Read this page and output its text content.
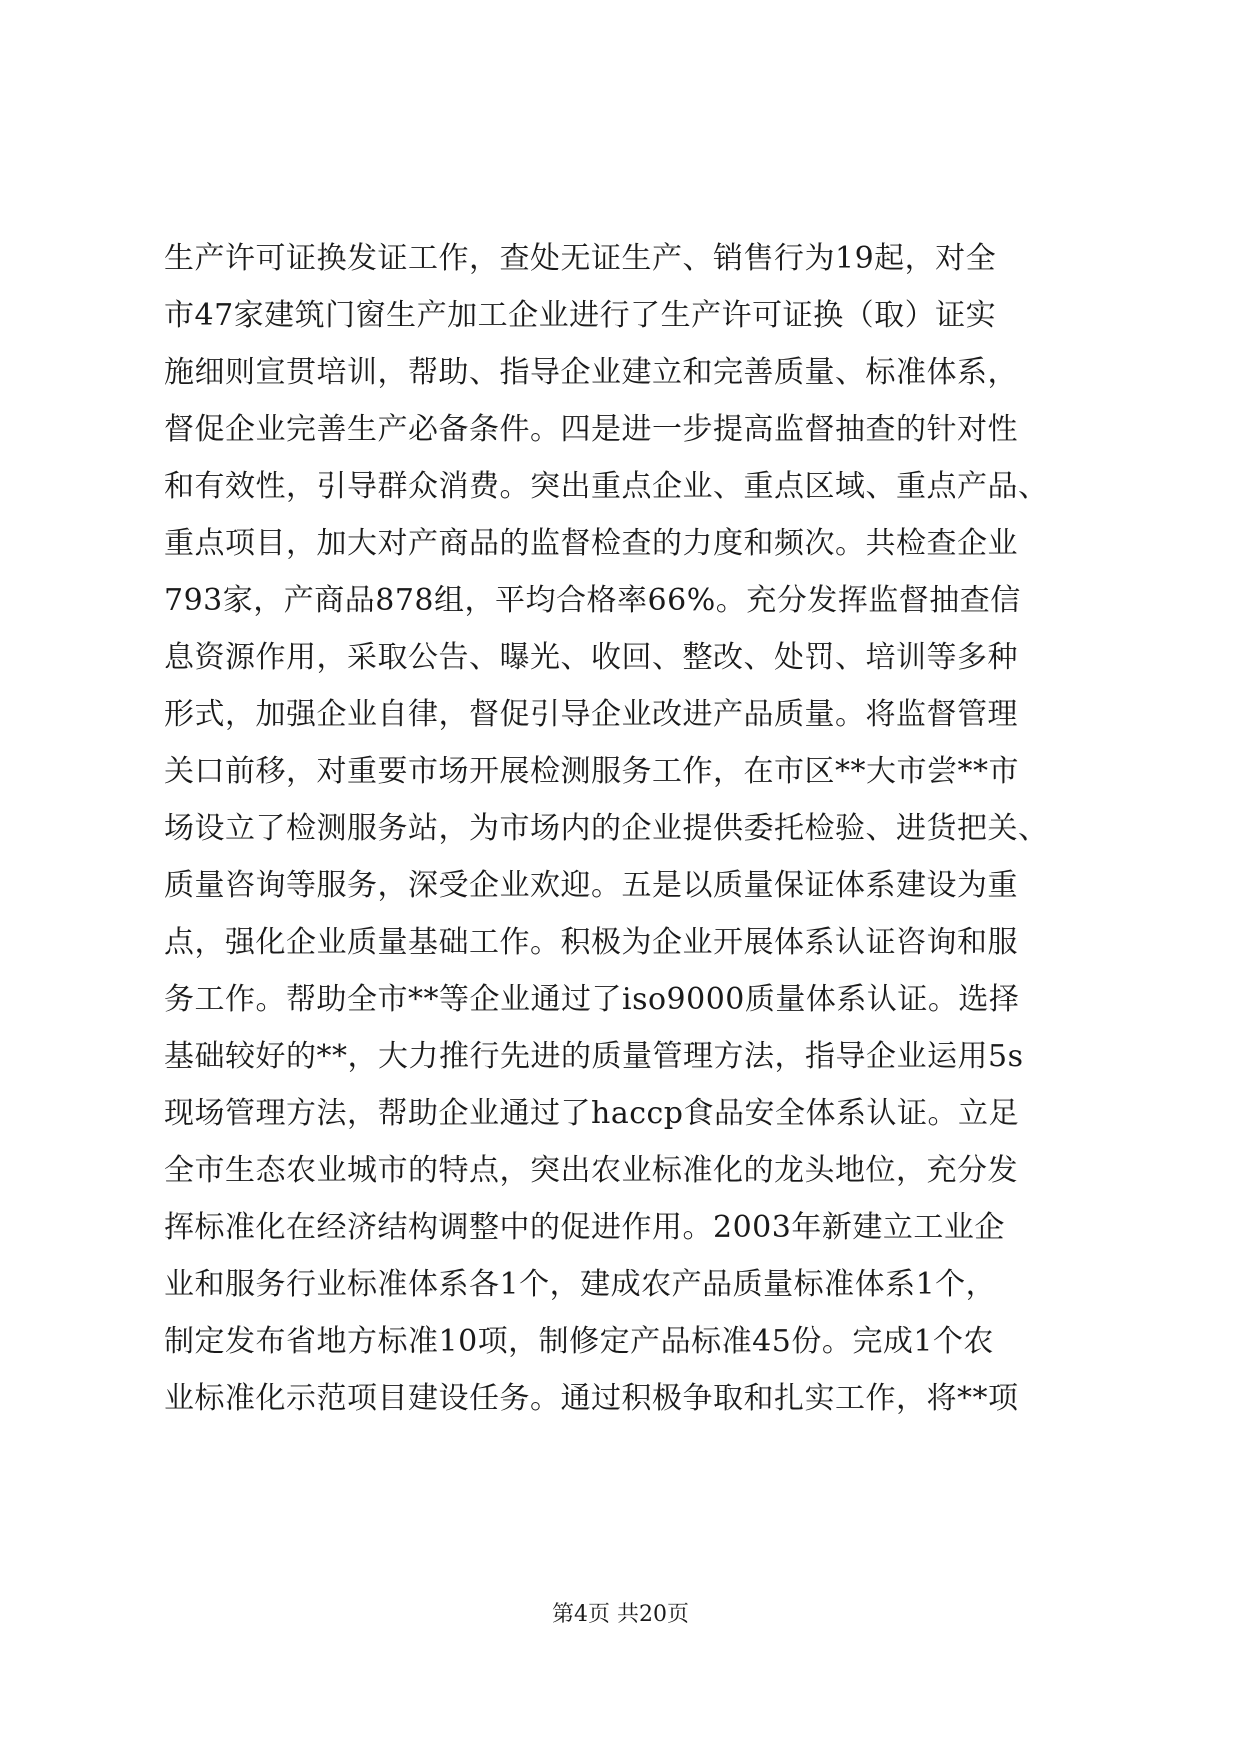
生产许可证换发证工作，查处无证生产、销售行为19起，对全
市47家建筑门窗生产加工企业进行了生产许可证换（取）证实
施细则宣贯培训，帮助、指导企业建立和完善质量、标准体系，
督促企业完善生产必备条件。四是进一步提高监督抽查的针对性
和有效性，引导群众消费。突出重点企业、重点区域、重点产品、
重点项目，加大对产商品的监督检查的力度和频次。共检查企业
793家，产商品878组，平均合格率66%。充分发挥监督抽查信
息资源作用，采取公告、曝光、收回、整改、处罚、培训等多种
形式，加强企业自律，督促引导企业改进产品质量。将监督管理
关口前移，对重要市场开展检测服务工作，在市区**大市尝**市
场设立了检测服务站，为市场内的企业提供委托检验、进货把关、
质量咨询等服务，深受企业欢迎。五是以质量保证体系建设为重
点，强化企业质量基础工作。积极为企业开展体系认证咨询和服
务工作。帮助全市**等企业通过了iso9000质量体系认证。选择
基础较好的**，大力推行先进的质量管理方法，指导企业运用5s
现场管理方法，帮助企业通过了haccp食品安全体系认证。立足
全市生态农业城市的特点，突出农业标准化的龙头地位，充分发
挥标准化在经济结构调整中的促进作用。2003年新建立工业企
业和服务行业标准体系各1个，建成农产品质量标准体系1个，
制定发布省地方标准10项，制修定产品标准45份。完成1个农
业标准化示范项目建设任务。通过积极争取和扎实工作，将**项
第4页 共20页
